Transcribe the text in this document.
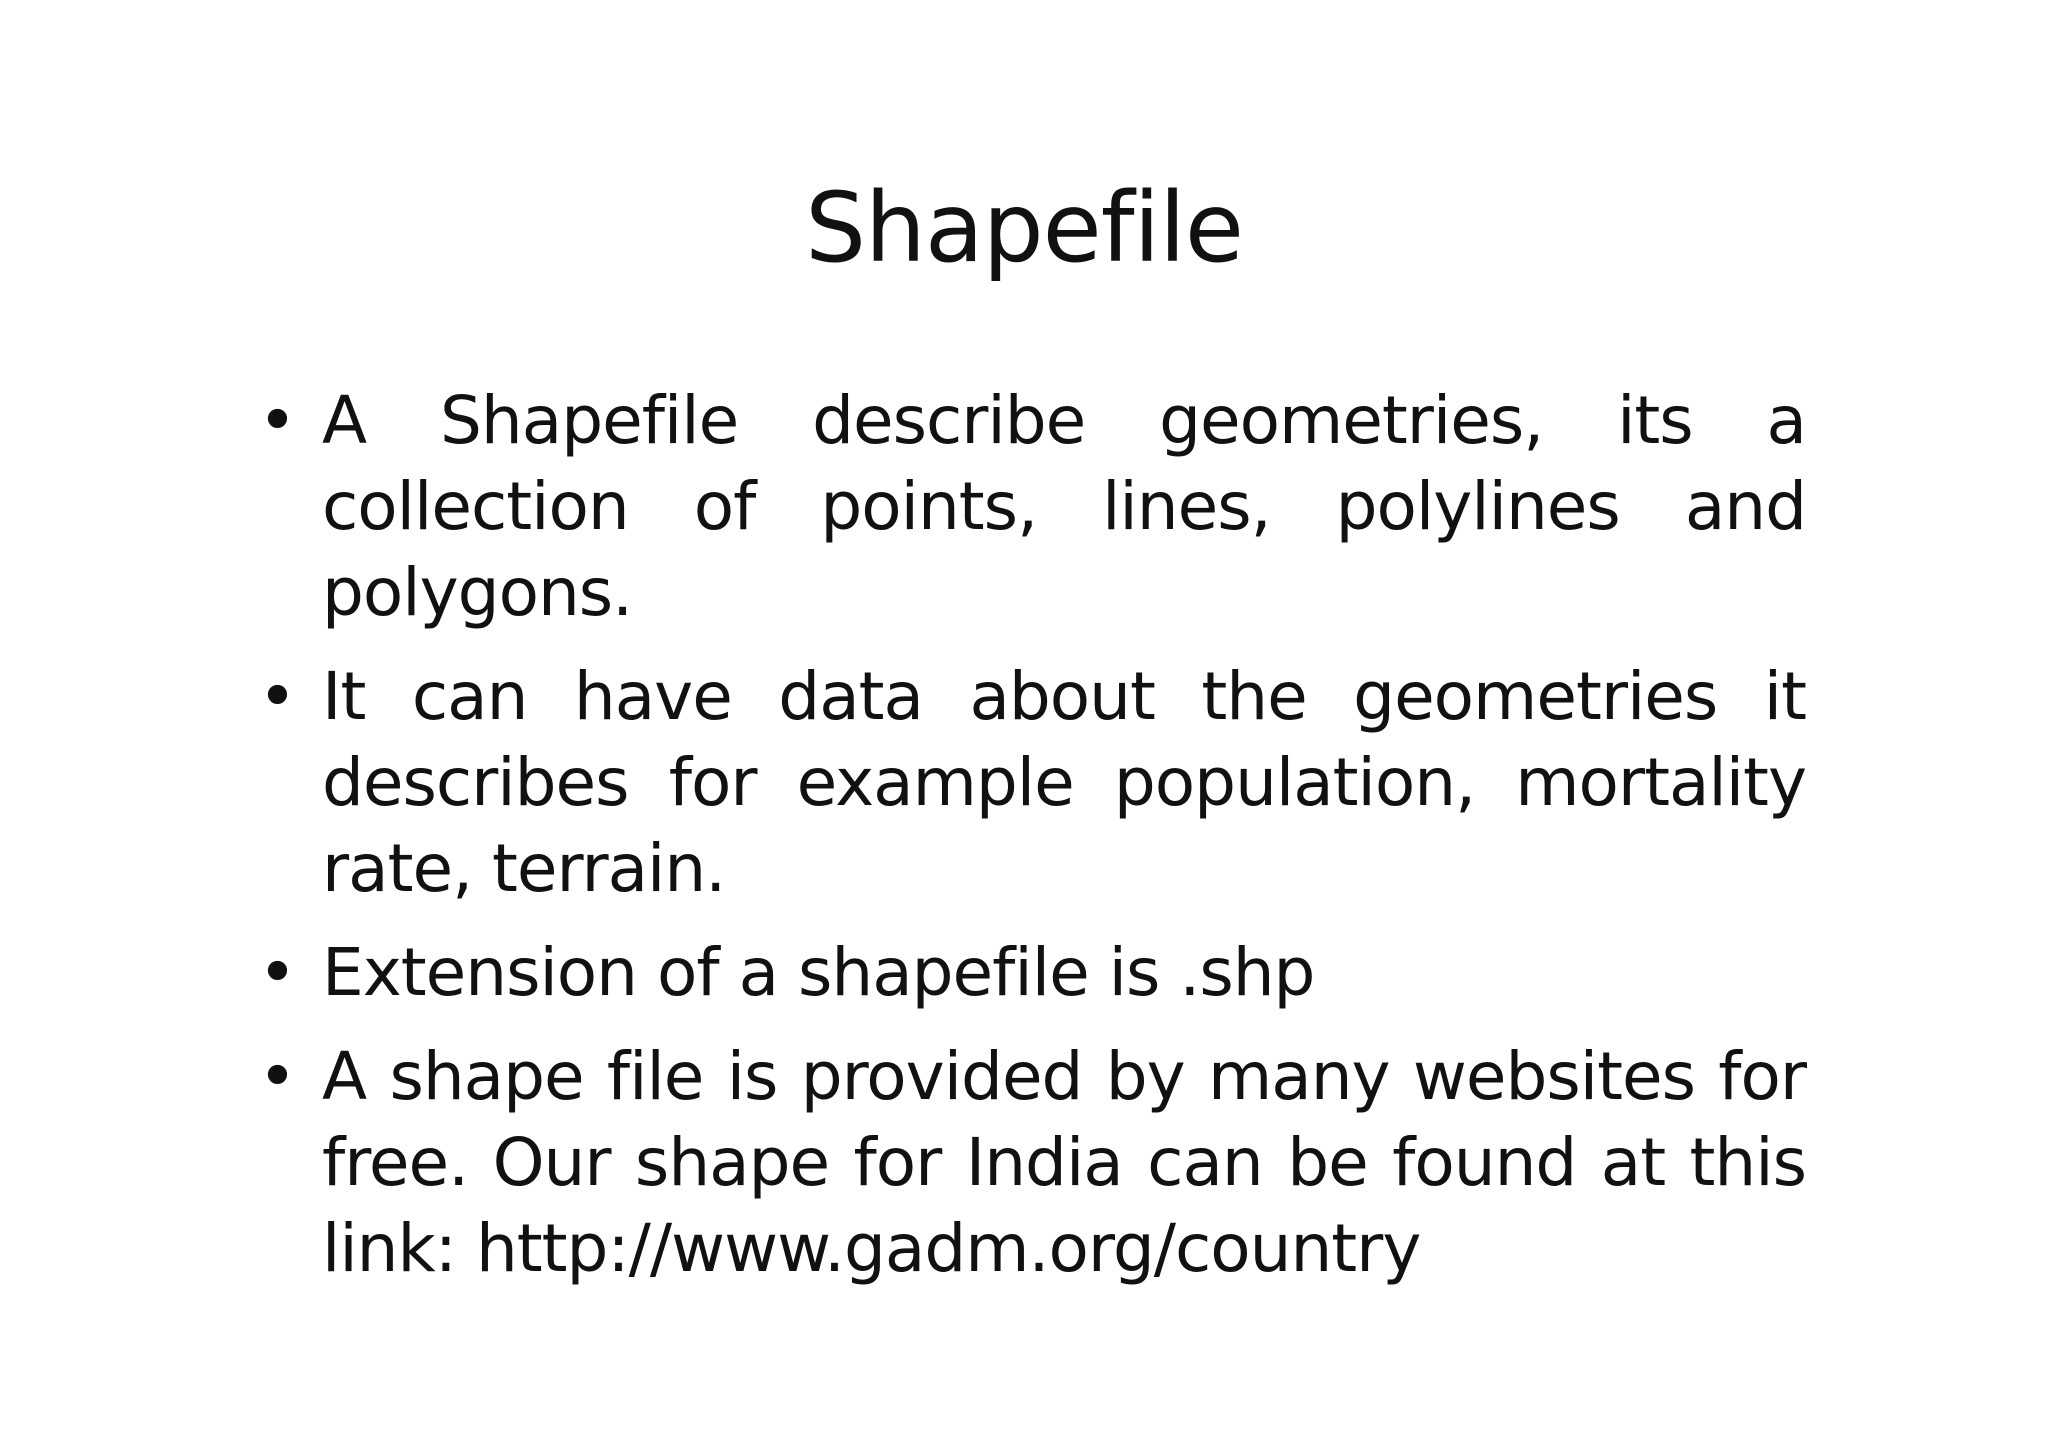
Shapefile
• A Shapefile describe geometries, its a collection of points, lines, polylines and polygons.
• It can have data about the geometries it describes for example population, mortality rate, terrain.
• Extension of a shapefile is .shp
• A shape file is provided by many websites for free. Our shape for India can be found at this link: http://www.gadm.org/country
